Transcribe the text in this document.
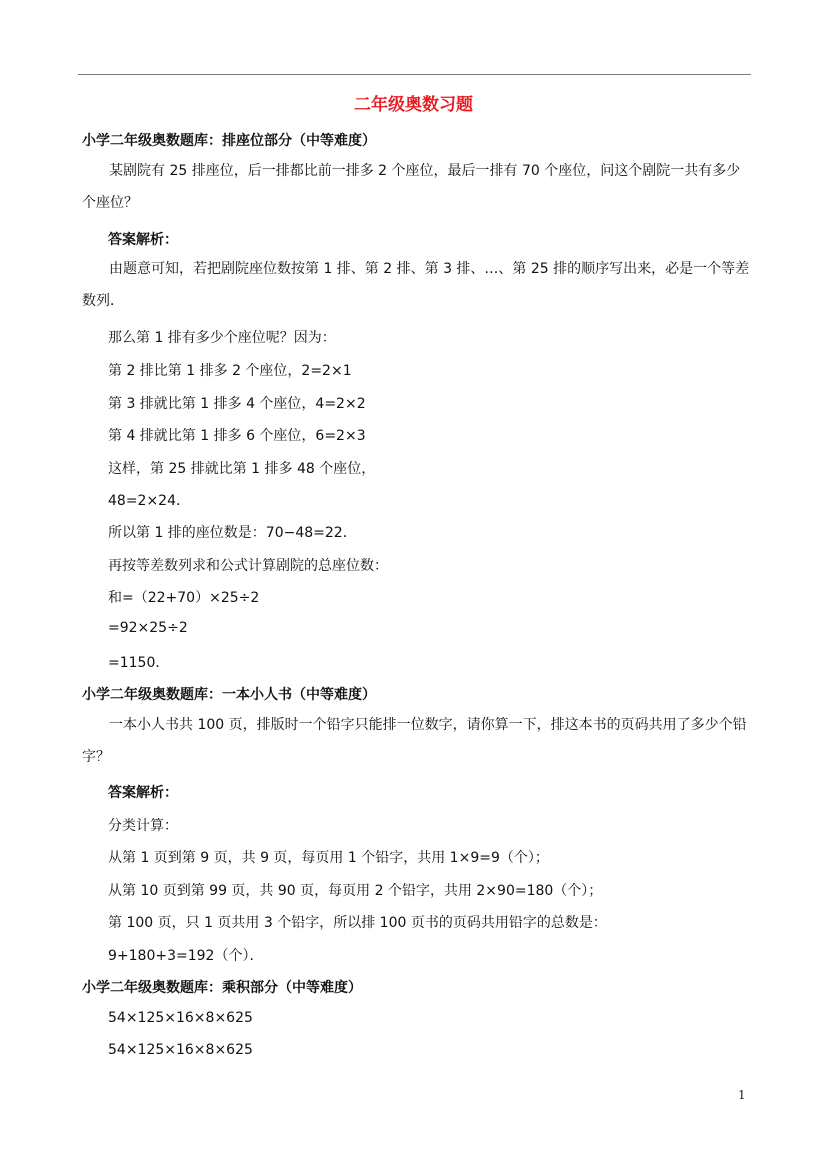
二年级奥数习题
小学二年级奥数题库：排座位部分（中等难度）

某剧院有 25 排座位，后一排都比前一排多 2 个座位，最后一排有 70 个座位，问这个剧院一共有多少个座位？

答案解析：

由题意可知，若把剧院座位数按第 1 排、第 2 排、第 3 排、…、第 25 排的顺序写出来，必是一个等差数列．

那么第 1 排有多少个座位呢？因为：
第 2 排比第 1 排多 2 个座位，2=2×1
第 3 排就比第 1 排多 4 个座位，4=2×2
第 4 排就比第 1 排多 6 个座位，6=2×3
这样，第 25 排就比第 1 排多 48 个座位，
48=2×24．
所以第 1 排的座位数是：70−48=22．
再按等差数列求和公式计算剧院的总座位数：
和=（22+70）×25÷2
=92×25÷2
=1150．
小学二年级奥数题库：一本小人书（中等难度）

一本小人书共 100 页，排版时一个铅字只能排一位数字，请你算一下，排这本书的页码共用了多少个铅字？

答案解析：
分类计算：
从第 1 页到第 9 页，共 9 页，每页用 1 个铅字，共用 1×9=9（个）；
从第 10 页到第 99 页，共 90 页，每页用 2 个铅字，共用 2×90=180（个）；
第 100 页，只 1 页共用 3 个铅字，所以排 100 页书的页码共用铅字的总数是：
9+180+3=192（个）．
小学二年级奥数题库：乘积部分（中等难度）
54×125×16×8×625
54×125×16×8×625
1
